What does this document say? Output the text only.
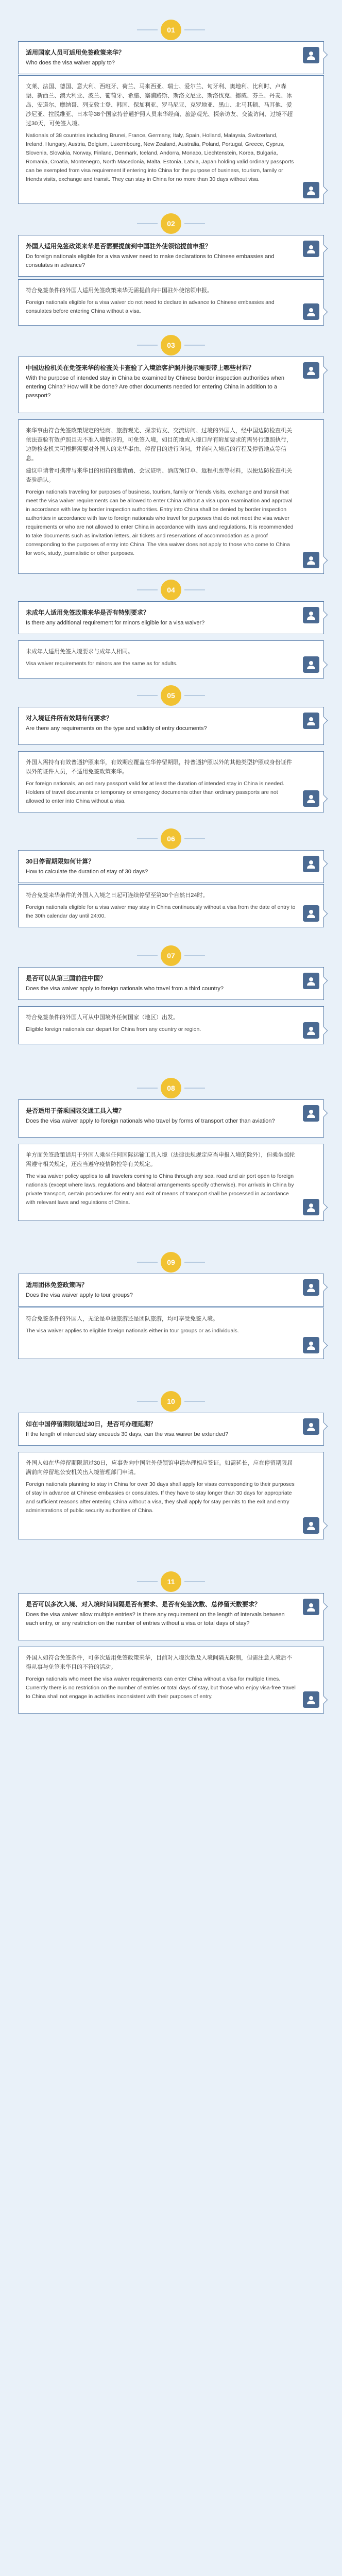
01
适用国家人员可适用免签政策来华？
Who does the visa waiver apply to?
文莱、法国、德国、意大利、西班牙、荷兰、马来西亚、瑞士、爱尔兰、匈牙利、奥地利、比利时、卢森堡、新西兰、澳大利亚、波兰、葡萄牙、希腊、塞浦路斯、斯洛文尼亚、斯洛伐克、挪威、芬兰、丹麦、冰岛、安道尔、摩纳哥、列支敦士登、韩国、保加利亚、罗马尼亚、克罗地亚、黑山、北马其顿、马耳他、爱沙尼亚、拉脱维亚、日本等38个国家持普通护照人员来华经商、旅游观光、探亲访友、交流访问、过境不超过30天，可免签入境。
Nationals of 38 countries including Brunei, France, Germany, Italy, Spain, Holland, Malaysia, Switzerland, Ireland, Hungary, Austria, Belgium, Luxembourg, New Zealand, Australia, Poland, Portugal, Greece, Cyprus, Slovenia, Slovakia, Norway, Finland, Denmark, Iceland, Andorra, Monaco, Liechtenstein, Korea, Bulgaria, Romania, Croatia, Montenegro, North Macedonia, Malta, Estonia, Latvia, Japan holding valid ordinary passports can be exempted from visa requirement if entering into China for the purpose of business, tourism, family or friends visits, exchange and transit. They can stay in China for no more than 30 days without visa.
02
外国人适用免签政策来华是否需要提前到中国驻外使领馆提前申报？
Do foreign nationals eligible for a visa waiver need to make declarations to Chinese embassies and consulates in advance?
符合免签条件的外国人适用免签政策来华无需提前向中国驻外使馆领申报。
Foreign nationals eligible for a visa waiver do not need to declare in advance to Chinese embassies and consulates before entering China without a visa.
03
中国边检机关在免签来华的检查关卡查验了入境旅客护照并提示需要带上哪些材料？
With the purpose of intended stay in China be examined by Chinese border inspection authorities when entering China? How will it be done? Are other documents needed for entering China in addition to a passport?
来华事由符合免签政策规定的经商、旅游观光、探亲访友、交流访问、过境的外国人，经中国边防检查机关依法查验有效护照且无不准入境情形的，可免签入境，如目的地或入境口岸有附加要求的需另行遵照执行，边防检查机关可根据需要对外国人的来华事由、停留目的进行询问，并询问入境后的行程及停留地点等信息。
建议申请者可携带与来华目的相符的邀请函、会议证明、酒店预订单、返程机票等材料，以便边防检查机关查验确认。
Foreign nationals traveling for purposes of business, tourism, family or friends visits, exchange and transit that meet the visa waiver requirements can be allowed to enter China without a visa upon examination and approval in accordance with law by border inspection authorities. Entry into China shall be denied by border inspection authorities in accordance with law to foreign nationals who travel for purposes that do not meet the visa waiver requirements or who are not allowed to enter China in accordance with laws and regulations. It is recommended to take documents such as invitation letters, air tickets and reservations of accommodation as a proof corresponding to the purposes of entry into China. The visa waiver does not apply to those who come to China for work, study, journalistic or other purposes.
04
未成年人适用免签政策来华是否有特别要求？
Is there any additional requirement for minors eligible for a visa waiver?
未成年人适用免签入境要求与成年人相同。
Visa waiver requirements for minors are the same as for adults.
05
对入境证件所有效期有何要求？
Are there any requirements on the type and validity of entry documents?
外国人需持有有效普通护照来华，有效期应覆盖在华停留期限，持普通护照以外的其他类型护照或身份证件以外的证件人员，不适用免签政策来华。
For foreign nationals, an ordinary passport valid for at least the duration of intended stay in China is needed. Holders of travel documents or temporary or emergency documents other than ordinary passports are not allowed to enter into China without a visa.
06
30日停留期限如何计算？
How to calculate the duration of stay of 30 days?
符合免签来华条件的外国人入境之日起可连续停留至第30个自然日24时。
Foreign nationals eligible for a visa waiver may stay in China continuously without a visa from the date of entry to the 30th calendar day until 24:00.
07
是否可以从第三国前往中国？
Does the visa waiver apply to foreign nationals who travel from a third country?
符合免签条件的外国人可从中国境外任何国家（地区）出发。
Eligible foreign nationals can depart for China from any country or region.
08
是否适用于搭乘国际交通工具入境？
Does the visa waiver apply to foreign nationals who travel by forms of transport other than aviation?
单方面免签政策适用于外国人乘坐任何国际运输工具入境（法律法规规定应当申报入境的除外），但乘坐邮轮需遵守相关规定，还应当遵守疫情防控等有关规定。
The visa waiver policy applies to all travelers coming to China through any sea, road and air port open to foreign nationals (except where laws, regulations and bilateral arrangements specify otherwise). For arrivals in China by private transport, certain procedures for entry and exit of means of transport shall be processed in accordance with relevant laws and regulations of China.
09
适用团体免签政策吗？
Does the visa waiver apply to tour groups?
符合免签条件的外国人，无论是单独旅游还是团队旅游，均可享受免签入境。
The visa waiver applies to eligible foreign nationals either in tour groups or as individuals.
10
如在中国停留期限超过30日，是否可办理延期？
If the length of intended stay exceeds 30 days, can the visa waiver be extended?
外国人如在华停留期限超过30日，应事先向中国驻外使领馆申请办理相应签证。如需延长，应在停留期限届满前向停留地公安机关出入境管理部门申请。
Foreign nationals planning to stay in China for over 30 days shall apply for visas corresponding to their purposes of stay in advance at Chinese embassies or consulates. If they have to stay longer than 30 days for appropriate and sufficient reasons after entering China without a visa, they shall apply for stay permits to the exit and entry administrations of public security authorities of China.
11
是否可以多次入境、对入境时间间隔是否有要求、是否有免签次数、总停留天数要求？
Does the visa waiver allow multiple entries? Is there any requirement on the length of intervals between each entry, or any restriction on the number of entries without a visa or total days of stay?
外国人如符合免签条件，可多次适用免签政策来华，目前对入境次数及入境间隔无限制，但需注意入境后不得从事与免签来华目的不符的活动。
Foreign nationals who meet the visa waiver requirements can enter China without a visa for multiple times. Currently there is no restriction on the number of entries or total days of stay, but those who enjoy visa-free travel to China shall not engage in activities inconsistent with their purposes of entry.
